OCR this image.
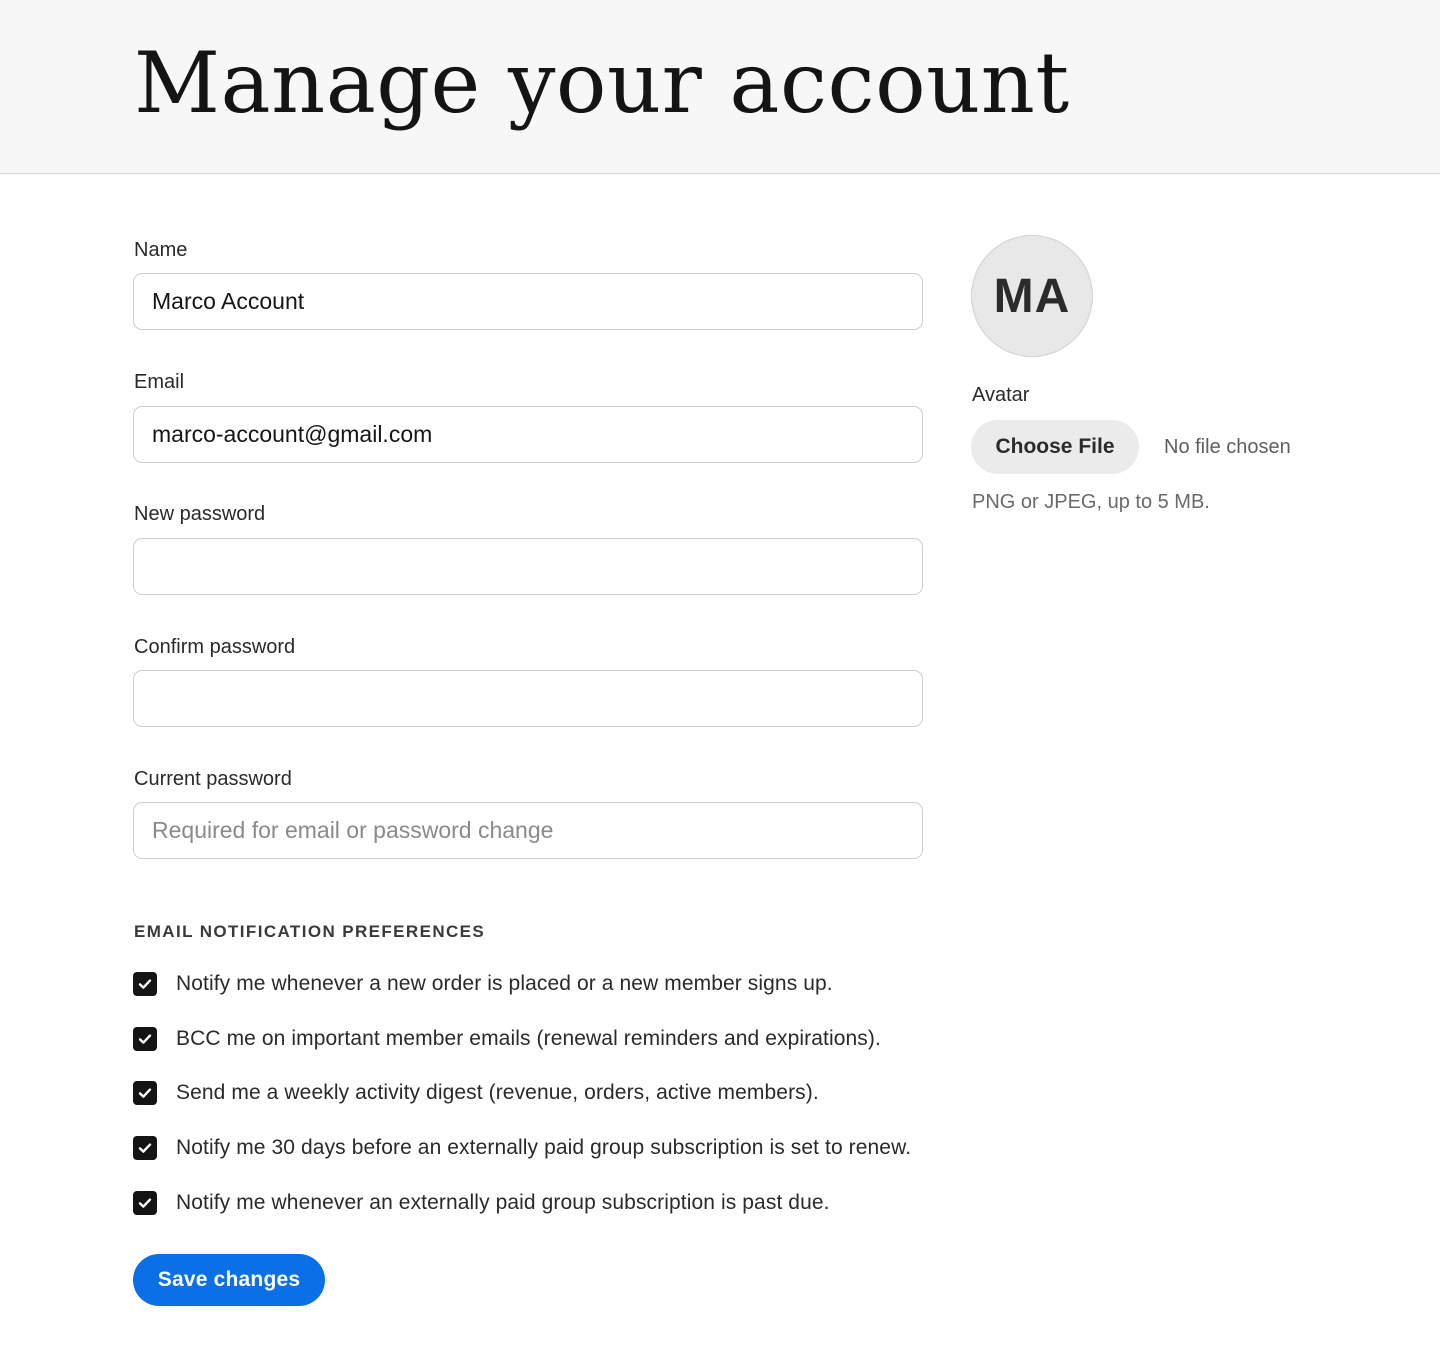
Manage your account
Name
Marco Account
Email
marco-account@gmail.com
New password
Confirm password
Current password
EMAIL NOTIFICATION PREFERENCES
Notify me whenever a new order is placed or a new member signs up.
BCC me on important member emails (renewal reminders and expirations).
Send me a weekly activity digest (revenue, orders, active members).
Notify me 30 days before an externally paid group subscription is set to renew.
Notify me whenever an externally paid group subscription is past due.
Save changes
MA
Avatar
Choose File	No file chosen
PNG or JPEG, up to 5 MB.
